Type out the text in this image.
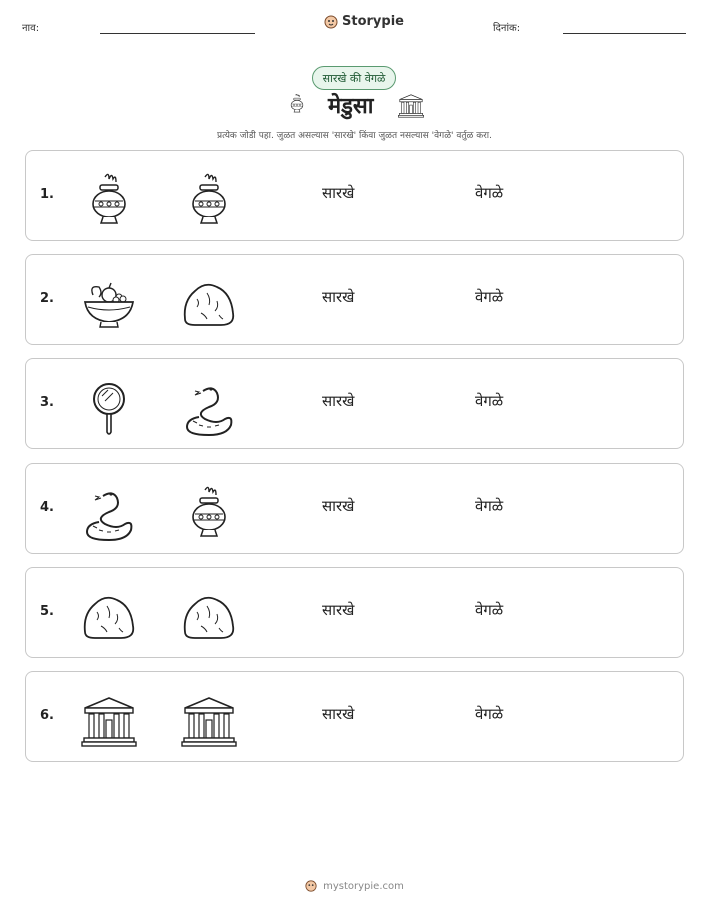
नाव:	Storypie	दिनांक:
सारखे की वेगळे
मेडुसा
प्रत्येक जोडी पहा. जुळत असल्यास 'सारखे' किंवा जुळत नसल्यास 'वेगळे' वर्तुळ करा.
1.	सारखे	वेगळे
2.	सारखे	वेगळे
3.	सारखे	वेगळे
4.	सारखे	वेगळे
5.	सारखे	वेगळे
6.	सारखे	वेगळे
mystorypie.com
